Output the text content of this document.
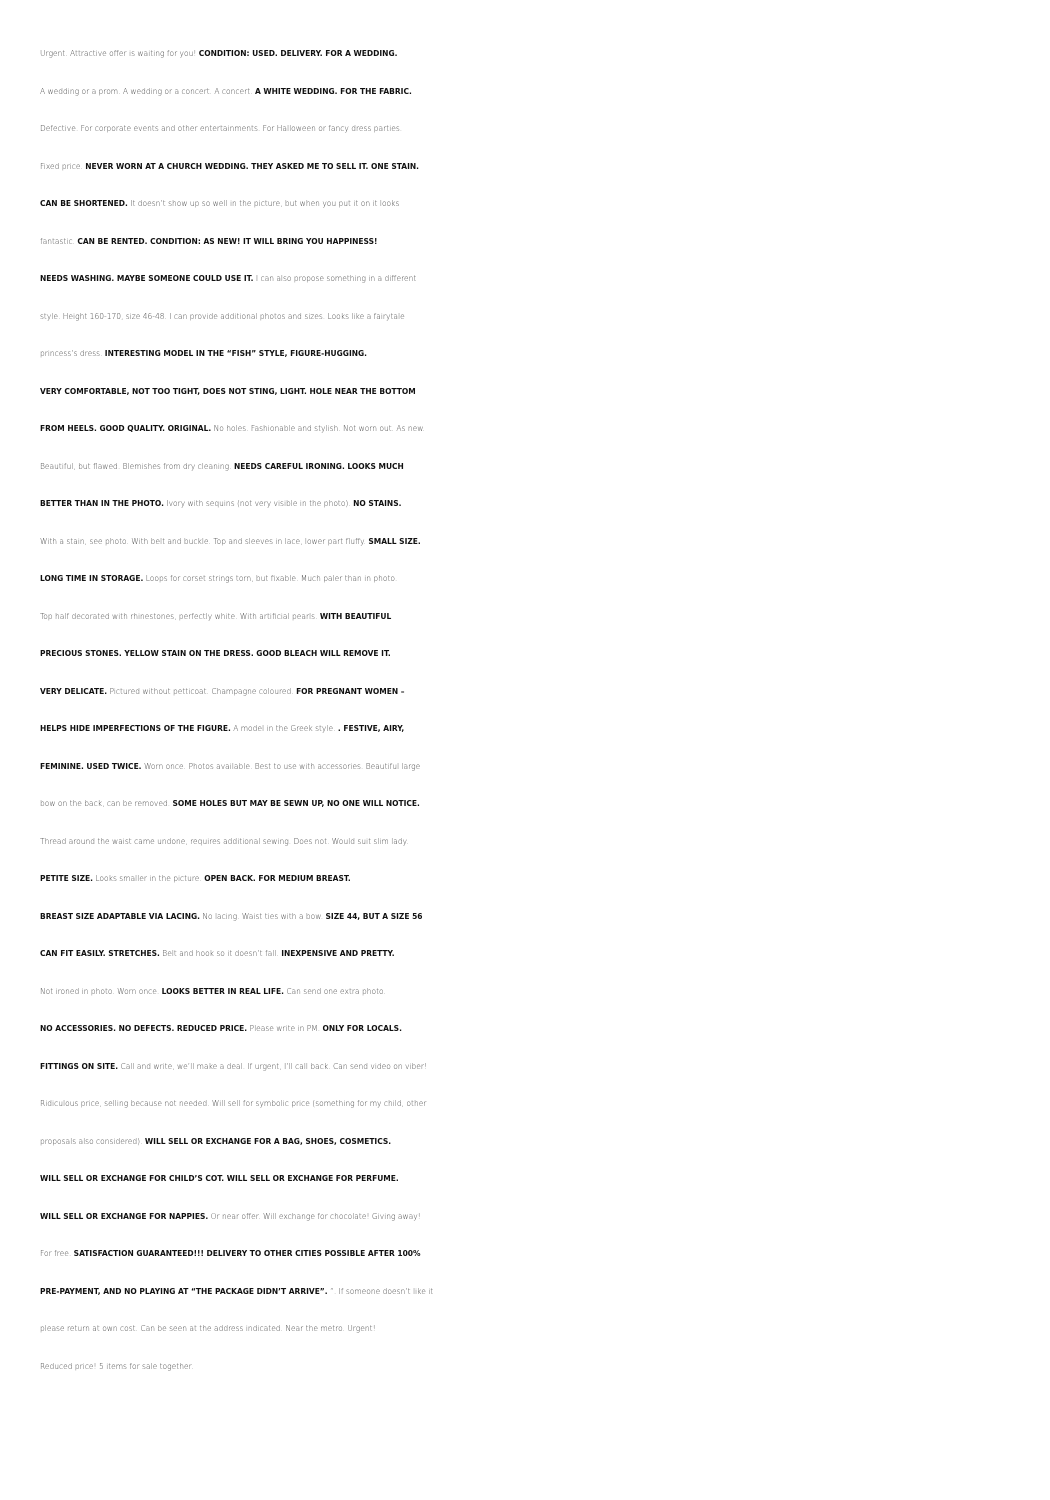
Urgent. Attractive offer is waiting for you! CONDITION: USED. DELIVERY. FOR A WEDDING.
A wedding or a prom. A wedding or a concert. A concert. A WHITE WEDDING. FOR THE FABRIC.
Defective. For corporate events and other entertainments. For Halloween or fancy dress parties.
Fixed price. NEVER WORN AT A CHURCH WEDDING. THEY ASKED ME TO SELL IT. ONE STAIN.
CAN BE SHORTENED. It doesn’t show up so well in the picture, but when you put it on it looks
fantastic. CAN BE RENTED. CONDITION: AS NEW! IT WILL BRING YOU HAPPINESS!
NEEDS WASHING. MAYBE SOMEONE COULD USE IT. I can also propose something in a different
style. Height 160-170, size 46-48. I can provide additional photos and sizes. Looks like a fairytale
princess’s dress. INTERESTING MODEL IN THE “FISH” STYLE, FIGURE-HUGGING.
VERY COMFORTABLE, NOT TOO TIGHT, DOES NOT STING, LIGHT. HOLE NEAR THE BOTTOM
FROM HEELS. GOOD QUALITY. ORIGINAL. No holes. Fashionable and stylish. Not worn out. As new.
Beautiful, but flawed. Blemishes from dry cleaning. NEEDS CAREFUL IRONING. LOOKS MUCH
BETTER THAN IN THE PHOTO. Ivory with sequins (not very visible in the photo). NO STAINS.
With a stain, see photo. With belt and buckle. Top and sleeves in lace, lower part fluffy. SMALL SIZE.
LONG TIME IN STORAGE. Loops for corset strings torn, but fixable. Much paler than in photo.
Top half decorated with rhinestones, perfectly white. With artificial pearls. WITH BEAUTIFUL
PRECIOUS STONES. YELLOW STAIN ON THE DRESS. GOOD BLEACH WILL REMOVE IT.
VERY DELICATE. Pictured without petticoat. Champagne coloured. FOR PREGNANT WOMEN –
HELPS HIDE IMPERFECTIONS OF THE FIGURE. A model in the Greek style. . FESTIVE, AIRY,
FEMININE. USED TWICE. Worn once. Photos available. Best to use with accessories. Beautiful large
bow on the back, can be removed. SOME HOLES BUT MAY BE SEWN UP, NO ONE WILL NOTICE.
Thread around the waist came undone, requires additional sewing. Does not. Would suit slim lady.
PETITE SIZE. Looks smaller in the picture. OPEN BACK. FOR MEDIUM BREAST.
BREAST SIZE ADAPTABLE VIA LACING. No lacing. Waist ties with a bow. SIZE 44, BUT A SIZE 56
CAN FIT EASILY. STRETCHES. Belt and hook so it doesn’t fall. INEXPENSIVE AND PRETTY.
Not ironed in photo. Worn once. LOOKS BETTER IN REAL LIFE. Can send one extra photo.
NO ACCESSORIES. NO DEFECTS. REDUCED PRICE. Please write in PM. ONLY FOR LOCALS.
FITTINGS ON SITE. Call and write, we’ll make a deal. If urgent, I’ll call back. Can send video on viber!
Ridiculous price, selling because not needed. Will sell for symbolic price (something for my child, other
proposals also considered). WILL SELL OR EXCHANGE FOR A BAG, SHOES, COSMETICS.
WILL SELL OR EXCHANGE FOR CHILD’S COT. WILL SELL OR EXCHANGE FOR PERFUME.
WILL SELL OR EXCHANGE FOR NAPPIES. Or near offer. Will exchange for chocolate! Giving away!
For free. SATISFACTION GUARANTEED!!! DELIVERY TO OTHER CITIES POSSIBLE AFTER 100%
PRE-PAYMENT, AND NO PLAYING AT “THE PACKAGE DIDN’T ARRIVE”. ”. If someone doesn’t like it
please return at own cost. Can be seen at the address indicated. Near the metro. Urgent!
Reduced price! 5 items for sale together.
